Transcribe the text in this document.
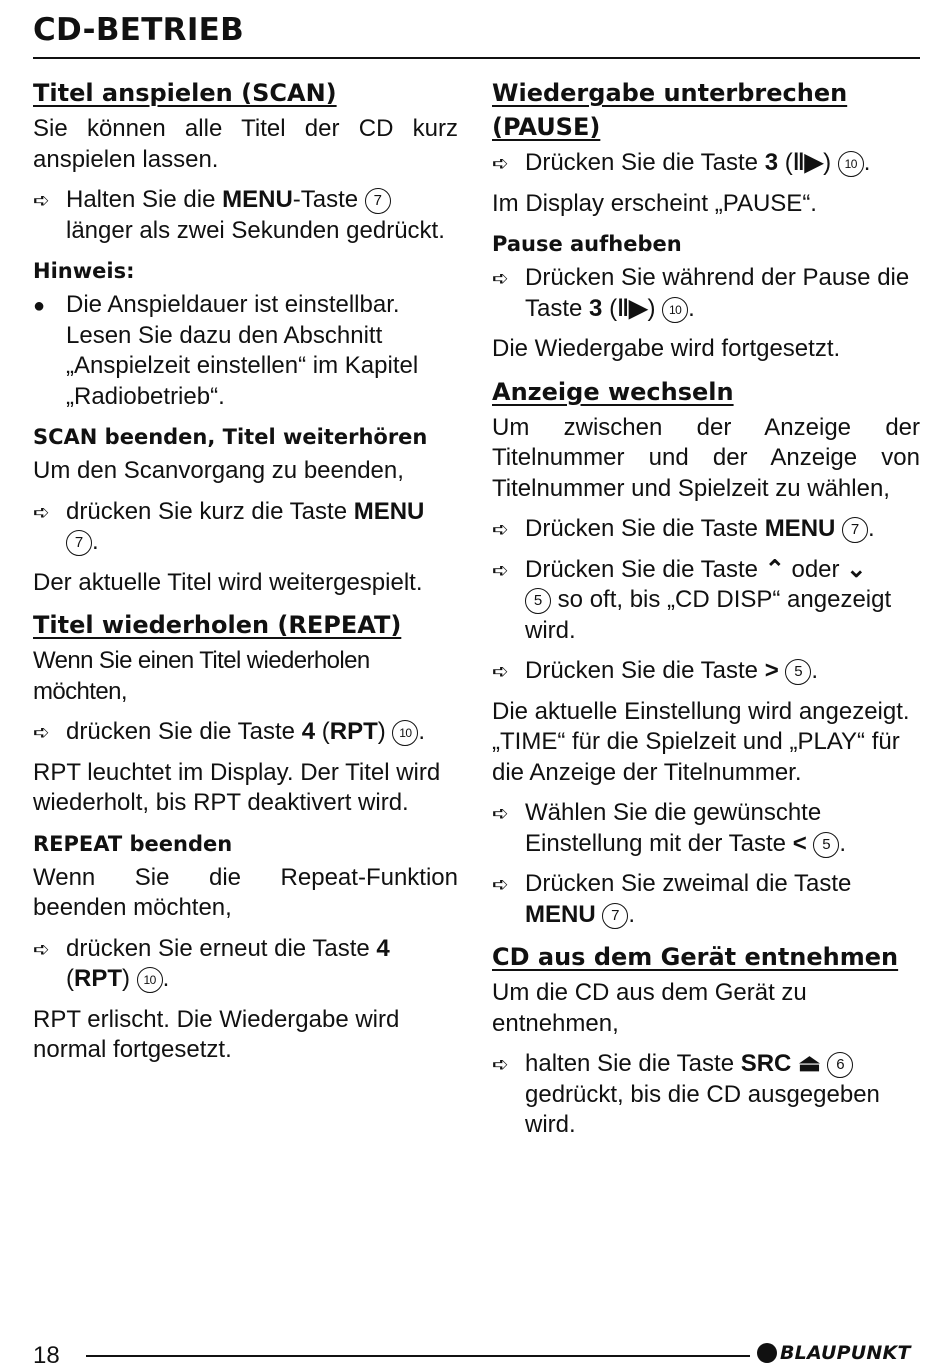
CD-BETRIEB
Titel anspielen (SCAN)

Sie können alle Titel der CD kurz anspielen lassen.

➪ Halten Sie die MENU-Taste 7 länger als zwei Sekunden gedrückt.
Hinweis:
● Die Anspieldauer ist einstellbar. Lesen Sie dazu den Abschnitt „Anspielzeit einstellen“ im Kapitel „Radiobetrieb“.
SCAN beenden, Titel weiterhören

Um den Scanvorgang zu beenden,

➪ drücken Sie kurz die Taste MENU
7 .

Der aktuelle Titel wird weitergespielt.

Titel wiederholen (REPEAT)

Wenn Sie einen Titel wiederholen möchten,

➪ drücken Sie die Taste 4 (RPT) 10 .

RPT leuchtet im Display. Der Titel wird wiederholt, bis RPT deaktivert wird.

REPEAT beenden

Wenn Sie die Repeat-Funktion beenden möchten,

➪ drücken Sie erneut die Taste 4
(RPT) 10 .

RPT erlischt. Die Wiedergabe wird normal fortgesetzt.

Wiedergabe unterbrechen (PAUSE)
➪ Drücken Sie die Taste 3 (‖▶) 10 .

Im Display erscheint „PAUSE“.

Pause aufheben
➪ Drücken Sie während der Pause die Taste 3 (‖▶) 10 .

Die Wiedergabe wird fortgesetzt.

Anzeige wechseln

Um zwischen der Anzeige der Titelnummer und der Anzeige von Titelnummer und Spielzeit zu wählen,

➪ Drücken Sie die Taste MENU 7 .
➪ Drücken Sie die Taste ⌃ oder ⌄
5 so oft, bis „CD DISP“ angezeigt wird.
➪ Drücken Sie die Taste > 5 .

Die aktuelle Einstellung wird angezeigt. „TIME“ für die Spielzeit und „PLAY“ für die Anzeige der Titelnummer.

➪ Wählen Sie die gewünschte Einstellung mit der Taste < 5 .
➪ Drücken Sie zweimal die Taste
MENU 7 .
CD aus dem Gerät entnehmen

Um die CD aus dem Gerät zu entnehmen,

➪ halten Sie die Taste SRC ⏏ 6 gedrückt, bis die CD ausgegeben wird.
18	BLAUPUNKT
